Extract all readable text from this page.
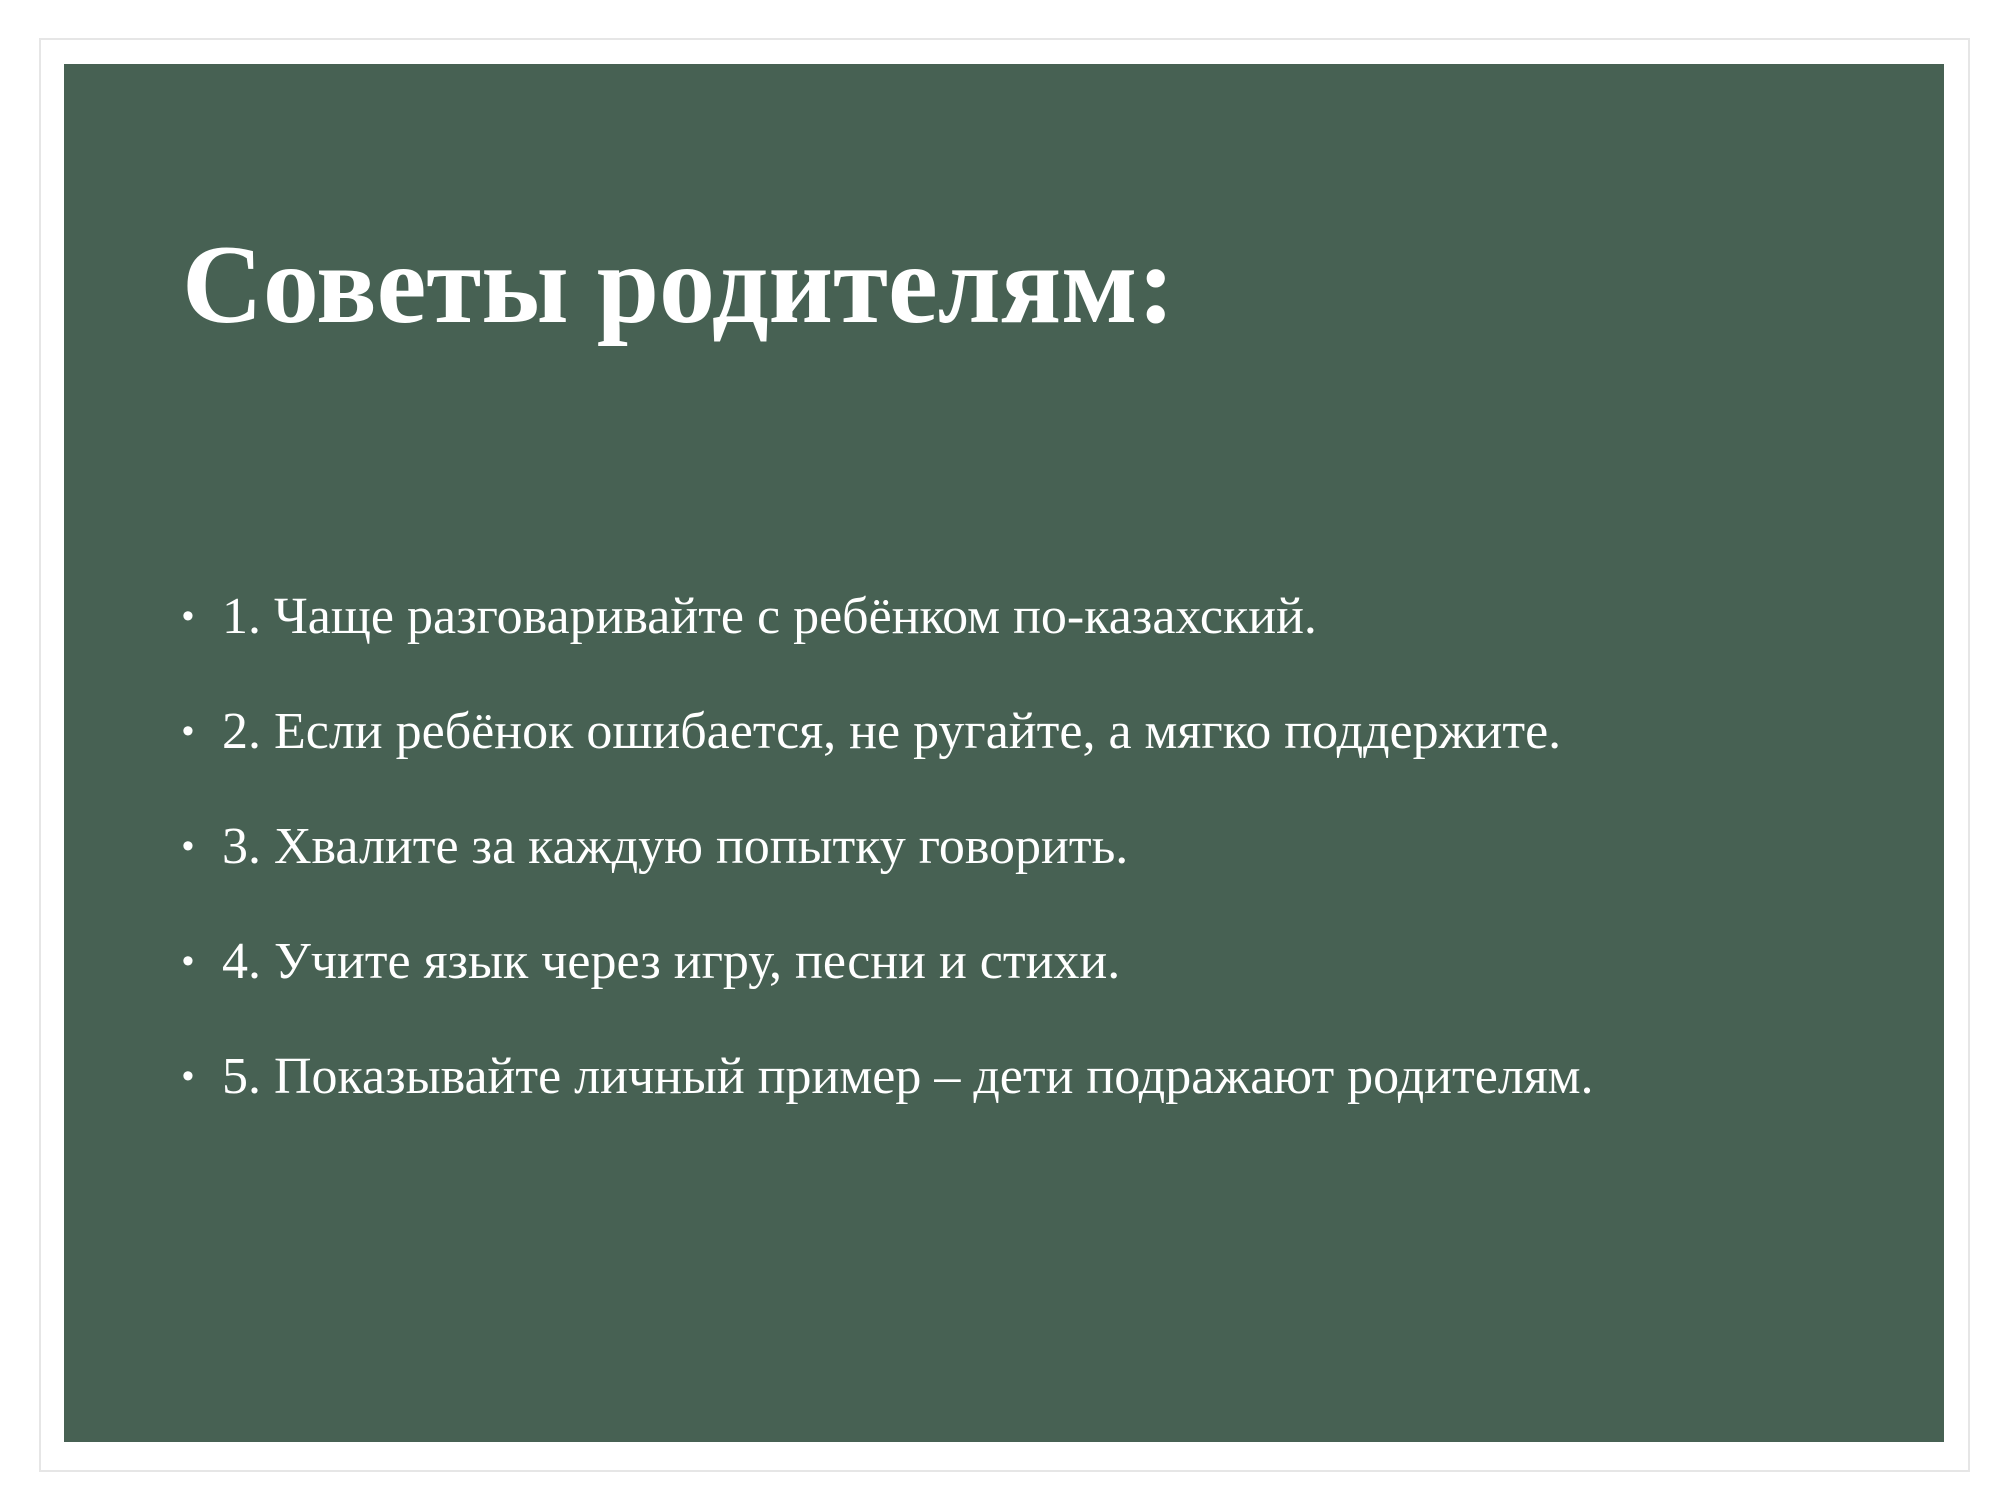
Советы родителям:
• 1. Чаще разговаривайте с ребёнком по-казахский.
• 2. Если ребёнок ошибается, не ругайте, а мягко поддержите.
• 3. Хвалите за каждую попытку говорить.
• 4. Учите язык через игру, песни и стихи.
• 5. Показывайте личный пример – дети подражают родителям.
